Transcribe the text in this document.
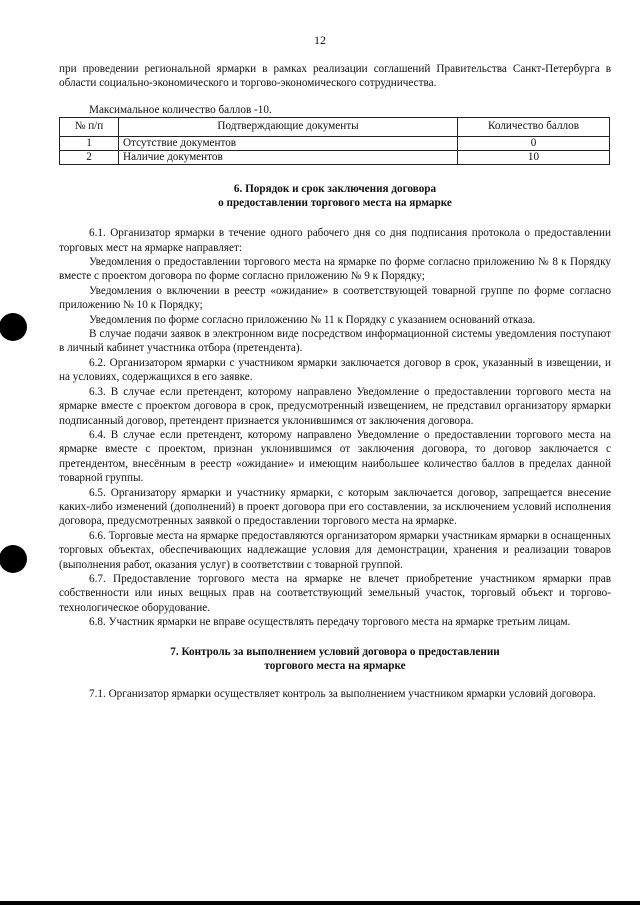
12

при проведении региональной ярмарки в рамках реализации соглашений Правительства Санкт-Петербурга в области социально-экономического и торгово-экономического сотрудничества.

Максимальное количество баллов -10.

№ п/п	Подтверждающие документы	Количество баллов
1	Отсутствие документов	0
2	Наличие документов	10
6. Порядок и срок заключения договора
о предоставлении торгового места на ярмарке

6.1. Организатор ярмарки в течение одного рабочего дня со дня подписания протокола о предоставлении торговых мест на ярмарке направляет:

Уведомления о предоставлении торгового места на ярмарке по форме согласно приложению № 8 к Порядку вместе с проектом договора по форме согласно приложению № 9 к Порядку;

Уведомления о включении в реестр «ожидание» в соответствующей товарной группе по форме согласно приложению № 10 к Порядку;

Уведомления по форме согласно приложению № 11 к Порядку с указанием оснований отказа.

В случае подачи заявок в электронном виде посредством информационной системы уведомления поступают в личный кабинет участника отбора (претендента).

6.2. Организатором ярмарки с участником ярмарки заключается договор в срок, указанный в извещении, и на условиях, содержащихся в его заявке.

6.3. В случае если претендент, которому направлено Уведомление о предоставлении торгового места на ярмарке вместе с проектом договора в срок, предусмотренный извещением, не представил организатору ярмарки подписанный договор, претендент признается уклонившимся от заключения договора.

6.4. В случае если претендент, которому направлено Уведомление о предоставлении торгового места на ярмарке вместе с проектом, признан уклонившимся от заключения договора, то договор заключается с претендентом, внесённым в реестр «ожидание» и имеющим наибольшее количество баллов в пределах данной товарной группы.

6.5. Организатору ярмарки и участнику ярмарки, с которым заключается договор, запрещается внесение каких-либо изменений (дополнений) в проект договора при его составлении, за исключением условий исполнения договора, предусмотренных заявкой о предоставлении торгового места на ярмарке.

6.6. Торговые места на ярмарке предоставляются организатором ярмарки участникам ярмарки в оснащенных торговых объектах, обеспечивающих надлежащие условия для демонстрации, хранения и реализации товаров (выполнения работ, оказания услуг) в соответствии с товарной группой.

6.7. Предоставление торгового места на ярмарке не влечет приобретение участником ярмарки прав собственности или иных вещных прав на соответствующий земельный участок, торговый объект и торгово-технологическое оборудование.

6.8. Участник ярмарки не вправе осуществлять передачу торгового места на ярмарке третьим лицам.

7. Контроль за выполнением условий договора о предоставлении
торгового места на ярмарке

7.1. Организатор ярмарки осуществляет контроль за выполнением участником ярмарки условий договора.
